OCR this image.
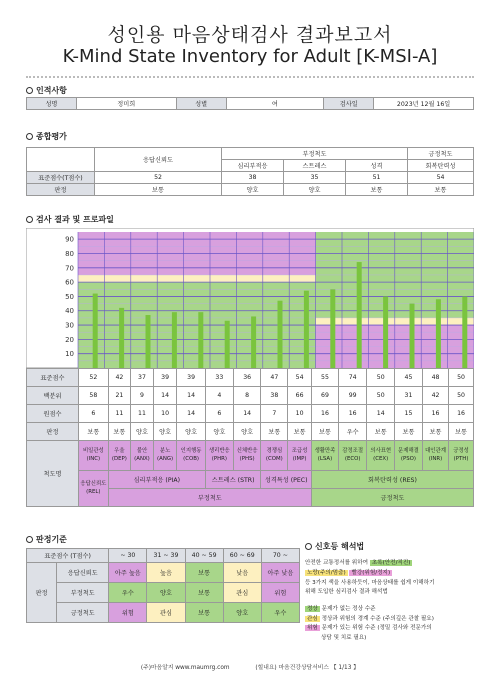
성인용 마음상태검사 결과보고서
K-Mind State Inventory for Adult [K-MSI-A]
인적사항
성명	정미희	성별	여	검사일	2023년 12월 16일
종합평가
	응답신뢰도	부정척도			긍정척도
		심리부적응	스트레스	성격	회복탄력성
표준점수(T점수)	52	38	35	51	54
판정	보통	양호	양호	보통	보통
검사 결과 및 프로파일
10
20
30
40
50
60
70
80
90
표준점수	52	42	37	39	39	33	36	47	54	55	74	50	45	48	50
백분위	58	21	9	14	14	4	8	38	66	69	99	50	31	42	50
원점수	6	11	11	10	14	6	14	7	10	16	16	14	15	16	16
판정	보통	보통	양호	양호	양호	양호	양호	보통	보통	보통	우수	보통	보통	보통	보통
척도명	비일관성 (INC)	우울 (DEP)	불안 (ANX)	분노 (ANG)	인지행동 (COB)	생리반응 (PHR)	신체반응 (PHS)	경쟁심 (COM)	조급성 (IMP)	생활만족 (LSA)	감정조절 (ECO)	의사표현 (CEX)	문제해결 (PSO)	대인관계 (INR)	긍정성 (PTH)
	응답신뢰도 (REL)	심리부적응 (PIA)				스트레스 (STR)		성격특성 (PEC)		회복탄력성 (RES)					
		부정척도								긍정척도					
판정기준
표준점수 (T점수)		~ 30	31 ~ 39	40 ~ 59	60 ~ 69	70 ~
판정	응답신뢰도	아주 높음	높음	보통	낮음	아주 낮음
	부정척도	우수	양호	보통	관심	위험
	긍정척도	위험	관심	보통	양호	우수
신호등 해석법
안전한 교통정서를 위하여 초록(안전/직진)
노랑(주의/멈춤) 빨강(위험/정지)
등 3가지 색을 사용하듯이, 마음상태를 쉽게 이해하기
위해 도입한 심리검사 결과 해석법
정상 문제가 없는 정상 수준
관심 정상과 위험의 경계 수준 (주의깊은 관찰 필요)
위험 문제가 있는 위험 수준 (정밀 검사와 전문가의
상담 및 치료 필요)
(주)마음알지 www.maumrg.com	(힐내요) 마음건강상담서비스 【 1/13 】
